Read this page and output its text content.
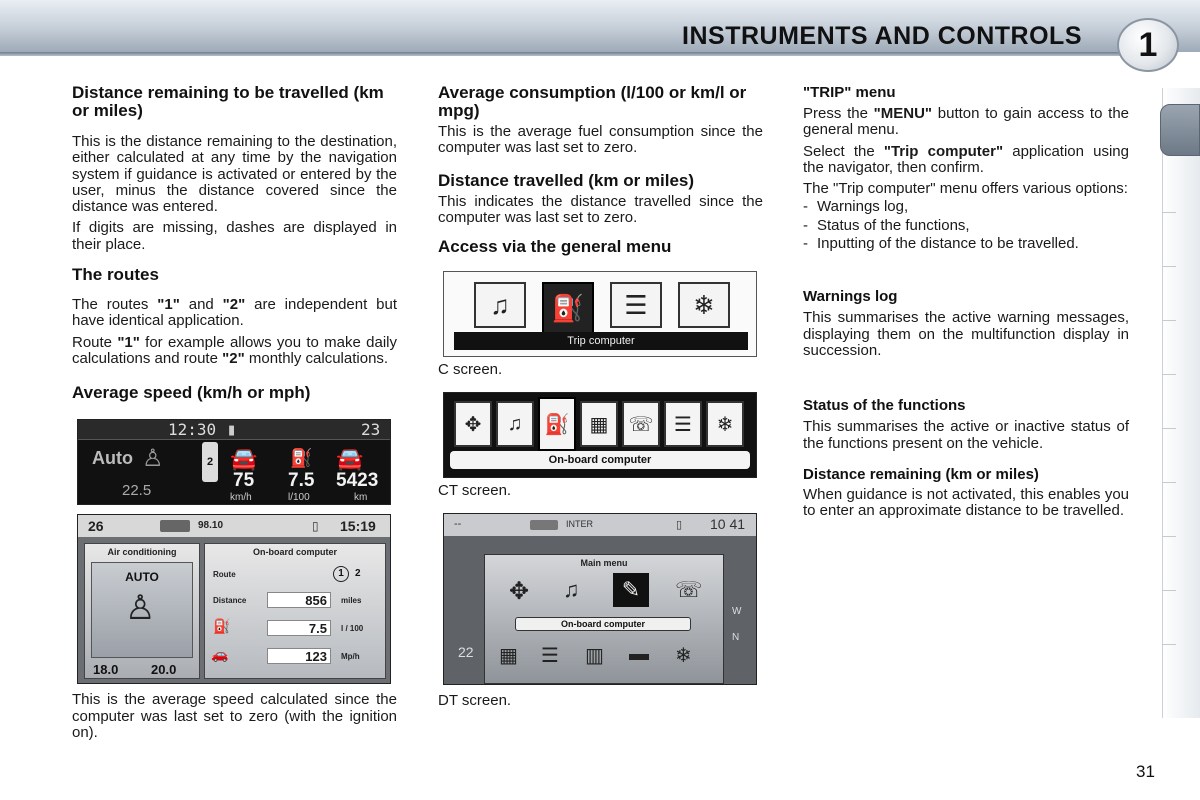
INSTRUMENTS AND CONTROLS	1
Distance remaining to be travelled (km or miles)

This is the distance remaining to the destination, either calculated at any time by the navigation system if guidance is activated or entered by the user, minus the distance covered since the distance was entered.

If digits are missing, dashes are displayed in their place.

The routes

The routes "1" and "2" are independent but have identical application.

Route "1" for example allows you to make daily calculations and route "2" monthly calculations.

Average speed (km/h or mph)
12:30 ▮	23
Auto ♙
22.5
2 🚘 ⛽ 🚘
75
km/h
7.5
l/100
5423
km
26	98.10	▯ 15:19
Air conditioning
AUTO
♙
18.0	20.0
On-board computer
Route	1	2
Distance	856	miles
⛽	7.5	l / 100
🚗	123	Mp/h

This is the average speed calculated since the computer was last set to zero (with the ignition on).

Average consumption (l/100 or km/l or mpg)

This is the average fuel consumption since the computer was last set to zero.

Distance travelled (km or miles)

This indicates the distance travelled since the computer was last set to zero.

Access via the general menu
♫	⛽	☰	❄
Trip computer
C screen.
✥	♫	⛽	▦	☏	☰	❄
On-board computer
CT screen.
--	INTER	▯ 10 41
22
W
N
Main menu
✥ ♫	✎	☏
On-board computer
▦ ☰ ▥ ▬ ❄
DT screen.
"TRIP" menu

Press the "MENU" button to gain access to the general menu.

Select the "Trip computer" application using the navigator, then confirm.

The "Trip computer" menu offers various options:

- Warnings log,
- Status of the functions,
- Inputting of the distance to be travelled.
Warnings log

This summarises the active warning messages, displaying them on the multifunction display in succession.

Status of the functions

This summarises the active or inactive status of the functions present on the vehicle.

Distance remaining (km or miles)

When guidance is not activated, this enables you to enter an approximate distance to be travelled.

31
